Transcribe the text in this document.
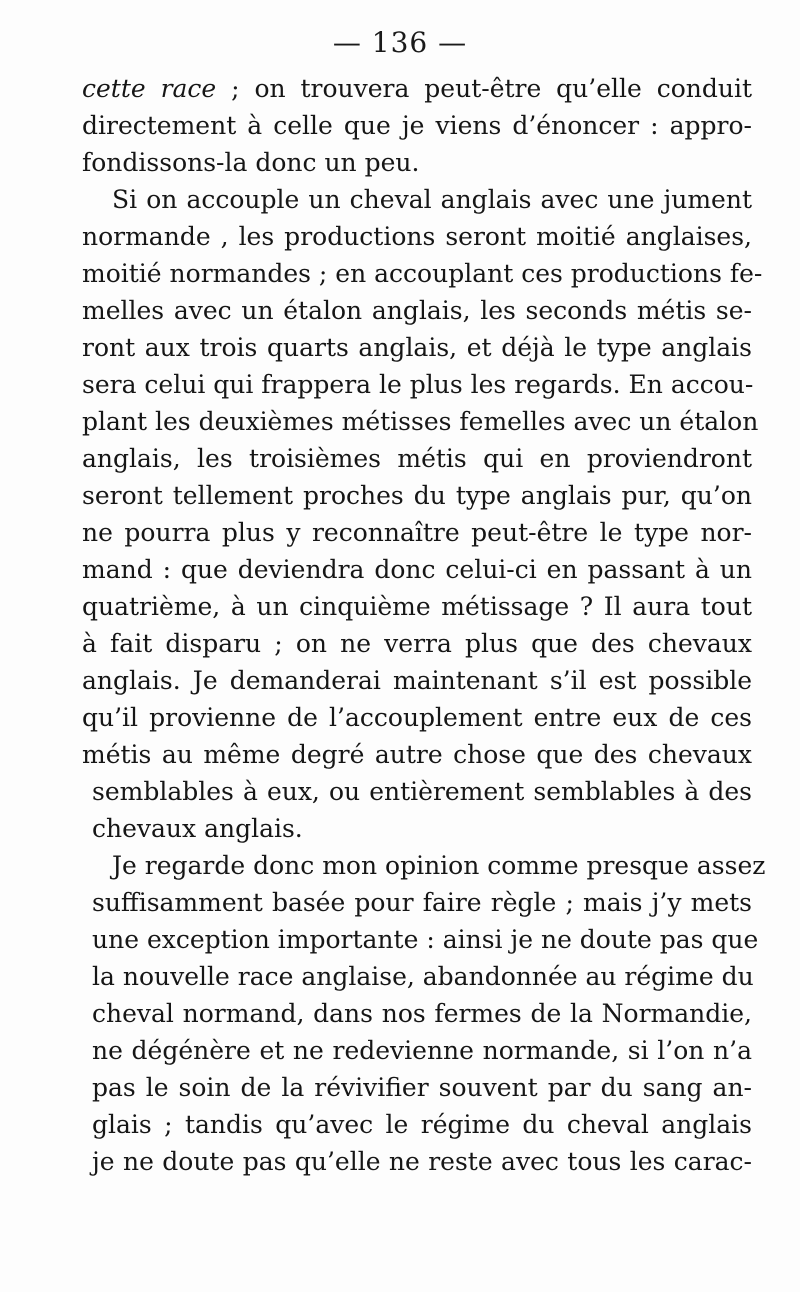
— 136 —
cette race ; on trouvera peut-être qu’elle conduit
directement à celle que je viens d’énoncer : appro-
fondissons-la donc un peu.
Si on accouple un cheval anglais avec une jument
normande , les productions seront moitié anglaises,
moitié normandes ; en accouplant ces productions fe-
melles avec un étalon anglais, les seconds métis se-
ront aux trois quarts anglais, et déjà le type anglais
sera celui qui frappera le plus les regards. En accou-
plant les deuxièmes métisses femelles avec un étalon
anglais, les troisièmes métis qui en proviendront
seront tellement proches du type anglais pur, qu’on
ne pourra plus y reconnaître peut-être le type nor-
mand : que deviendra donc celui-ci en passant à un
quatrième, à un cinquième métissage ? Il aura tout
à fait disparu ; on ne verra plus que des chevaux
anglais. Je demanderai maintenant s’il est possible
qu’il provienne de l’accouplement entre eux de ces
métis au même degré autre chose que des chevaux
semblables à eux, ou entièrement semblables à des
chevaux anglais.
Je regarde donc mon opinion comme presque assez
suffisamment basée pour faire règle ; mais j’y mets
une exception importante : ainsi je ne doute pas que
la nouvelle race anglaise, abandonnée au régime du
cheval normand, dans nos fermes de la Normandie,
ne dégénère et ne redevienne normande, si l’on n’a
pas le soin de la révivifier souvent par du sang an-
glais ; tandis qu’avec le régime du cheval anglais
je ne doute pas qu’elle ne reste avec tous les carac-
